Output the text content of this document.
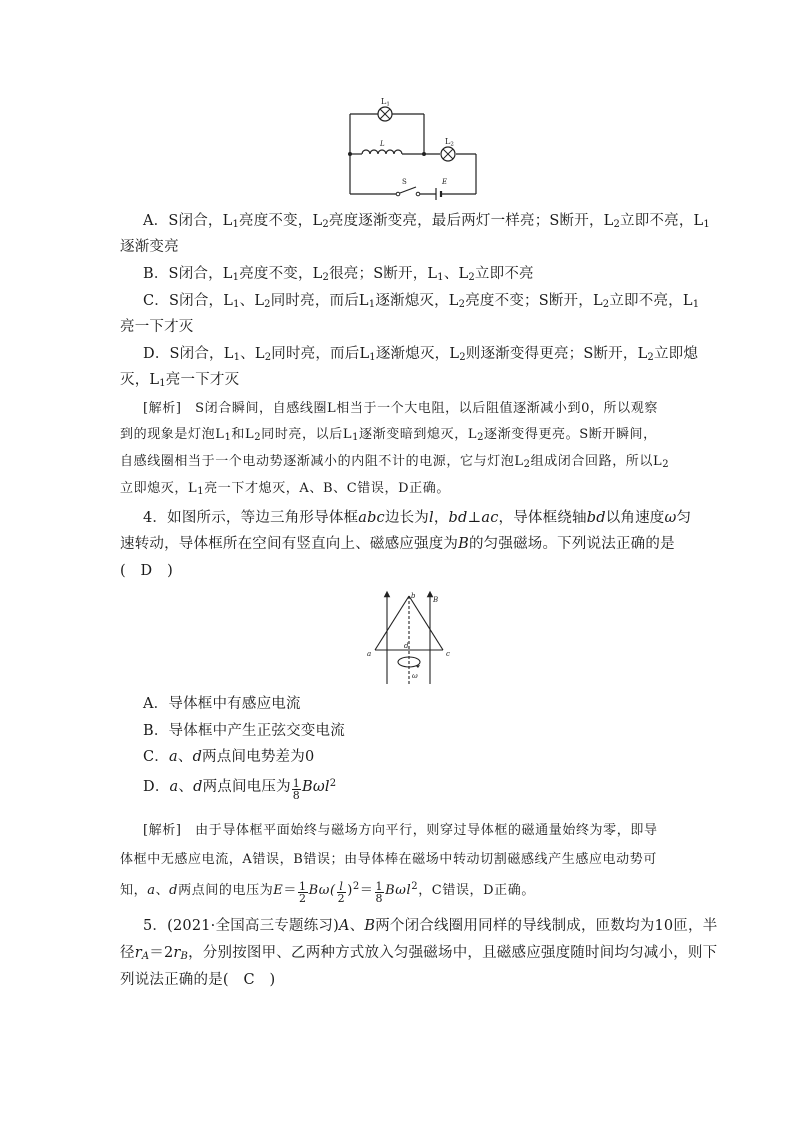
L1
L	L2
S	E
A．S闭合，$L_1$亮度不变，$L_2$亮度逐渐变亮，最后两灯一样亮；S断开，$L_2$立即不亮，$L_1$
逐渐变亮
B．S闭合，$L_1$亮度不变，$L_2$很亮；S断开，$L_1$、$L_2$立即不亮
C．S闭合，$L_1$、$L_2$同时亮，而后$L_1$逐渐熄灭，$L_2$亮度不变；S断开，$L_2$立即不亮，$L_1$
亮一下才灭
D．S闭合，$L_1$、$L_2$同时亮，而后$L_1$逐渐熄灭，$L_2$则逐渐变得更亮；S断开，$L_2$立即熄
灭，$L_1$亮一下才灭
[解析]　S闭合瞬间，自感线圈L相当于一个大电阻，以后阻值逐渐减小到0，所以观察
到的现象是灯泡$L_1$和$L_2$同时亮，以后$L_1$逐渐变暗到熄灭，$L_2$逐渐变得更亮。S断开瞬间，
自感线圈相当于一个电动势逐渐减小的内阻不计的电源，它与灯泡$L_2$组成闭合回路，所以$L_2$
立即熄灭，$L_1$亮一下才熄灭，A、B、C错误，D正确。
4．如图所示，等边三角形导体框abc边长为l，bd⊥ac，导体框绕轴bd以角速度ω匀
速转动，导体框所在空间有竖直向上、磁感应强度为B的匀强磁场。下列说法正确的是
(　D　)
a
b
c
d
B
ω
A．导体框中有感应电流
B．导体框中产生正弦交变电流
C．a、d两点间电势差为0
D．a、d两点间电压为 $\frac{1}{8} B\omega l^2$
[解析]　由于导体框平面始终与磁场方向平行，则穿过导体框的磁通量始终为零，即导
体框中无感应电流，A错误，B错误；由导体棒在磁场中转动切割磁感线产生感应电动势可
知，a、d两点间的电压为$E= \frac{1}{2} B\omega( \frac{l}{2} )^2= \frac{1}{8} B\omega l^2$，C错误，D正确。
5．(2021·全国高三专题练习)A、B两个闭合线圈用同样的导线制成，匝数均为10匝，半
径$r_A=2r_B$，分别按图甲、乙两种方式放入匀强磁场中，且磁感应强度随时间均匀减小，则下
列说法正确的是(　C　)
